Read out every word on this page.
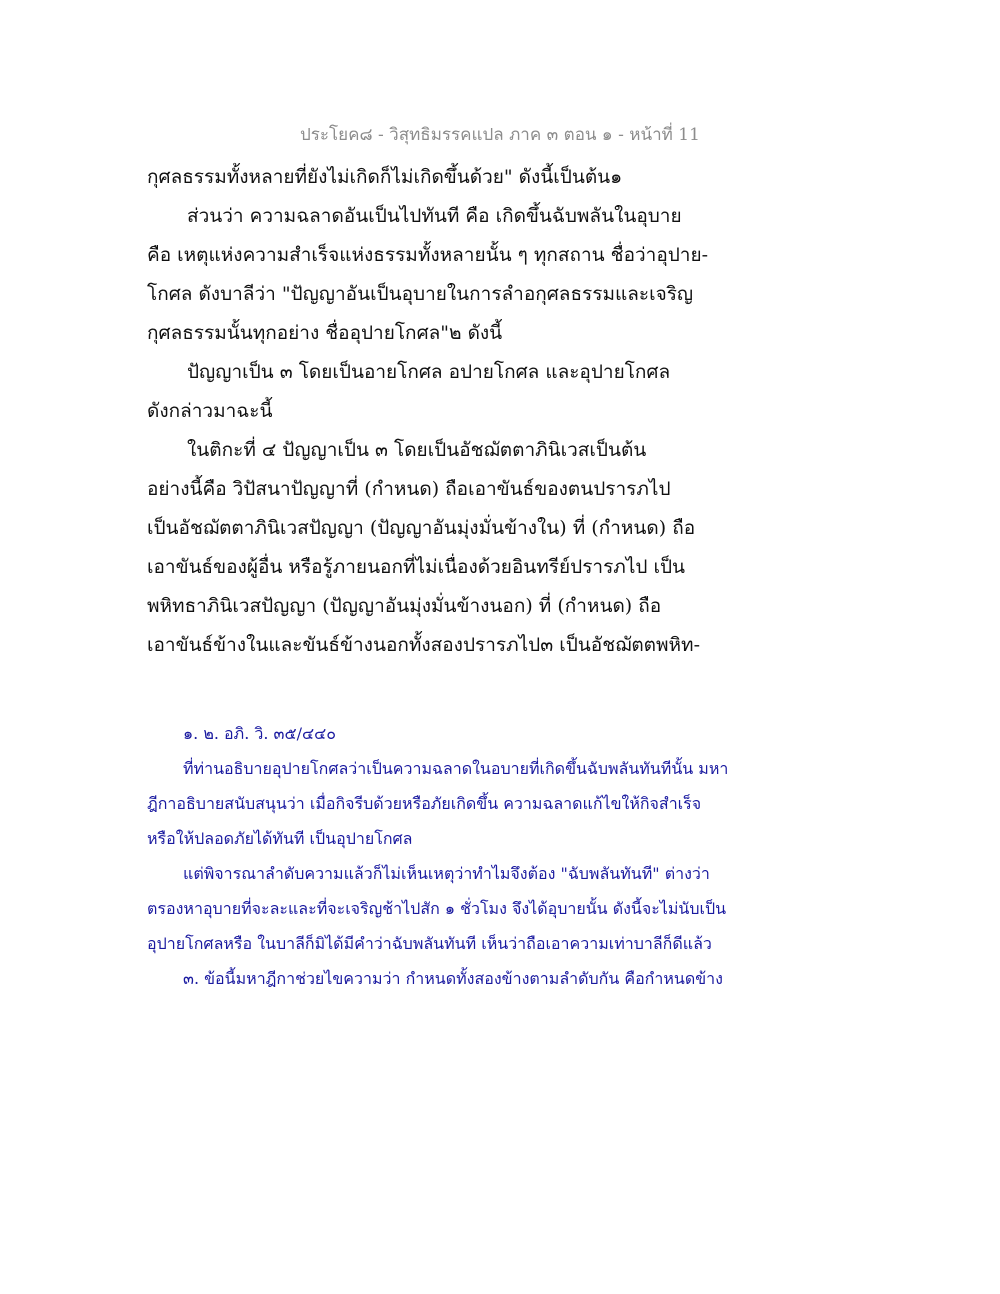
ประโยค๘ - วิสุทธิมรรคแปล ภาค ๓ ตอน ๑ - หน้าที่ 11
กุศลธรรมทั้งหลายที่ยังไม่เกิดก็ไม่เกิดขึ้นด้วย" ดังนี้เป็นต้น๑
ส่วนว่า ความฉลาดอันเป็นไปทันที คือ เกิดขึ้นฉับพลันในอุบาย
คือ เหตุแห่งความสำเร็จแห่งธรรมทั้งหลายนั้น ๆ ทุกสถาน ชื่อว่าอุปาย-
โกศล ดังบาลีว่า "ปัญญาอันเป็นอุบายในการลำอกุศลธรรมและเจริญ
กุศลธรรมนั้นทุกอย่าง ชื่ออุปายโกศล"๒ ดังนี้
ปัญญาเป็น ๓ โดยเป็นอายโกศล อปายโกศล และอุปายโกศล
ดังกล่าวมาฉะนี้
ในติกะที่ ๔ ปัญญาเป็น ๓ โดยเป็นอัชฌัตตาภินิเวสเป็นต้น
อย่างนี้คือ วิปัสนาปัญญาที่ (กำหนด) ถือเอาขันธ์ของตนปรารภไป
เป็นอัชฌัตตาภินิเวสปัญญา (ปัญญาอันมุ่งมั่นข้างใน) ที่ (กำหนด) ถือ
เอาขันธ์ของผู้อื่น หรือรู้ภายนอกที่ไม่เนื่องด้วยอินทรีย์ปรารภไป เป็น
พหิทธาภินิเวสปัญญา (ปัญญาอันมุ่งมั่นข้างนอก) ที่ (กำหนด) ถือ
เอาขันธ์ข้างในและขันธ์ข้างนอกทั้งสองปรารภไป๓ เป็นอัชฌัตตพหิท-
๑. ๒. อภิ. วิ. ๓๕/๔๔๐
ที่ท่านอธิบายอุปายโกศลว่าเป็นความฉลาดในอบายที่เกิดขึ้นฉับพลันทันทีนั้น มหา
ฎีกาอธิบายสนับสนุนว่า เมื่อกิจรีบด้วยหรือภัยเกิดขึ้น ความฉลาดแก้ไขให้กิจสำเร็จ
หรือให้ปลอดภัยได้ทันที เป็นอุปายโกศล
แต่พิจารณาลำดับความแล้วก็ไม่เห็นเหตุว่าทำไมจึงต้อง "ฉับพลันทันที" ต่างว่า
ตรองหาอุบายที่จะละและที่จะเจริญช้าไปสัก ๑ ชั่วโมง จึงได้อุบายนั้น ดังนี้จะไม่นับเป็น
อุปายโกศลหรือ ในบาลีก็มิได้มีคำว่าฉับพลันทันที เห็นว่าถือเอาความเท่าบาลีก็ดีแล้ว
๓. ข้อนี้มหาฎีกาช่วยไขความว่า กำหนดทั้งสองข้างตามลำดับกัน คือกำหนดข้าง
